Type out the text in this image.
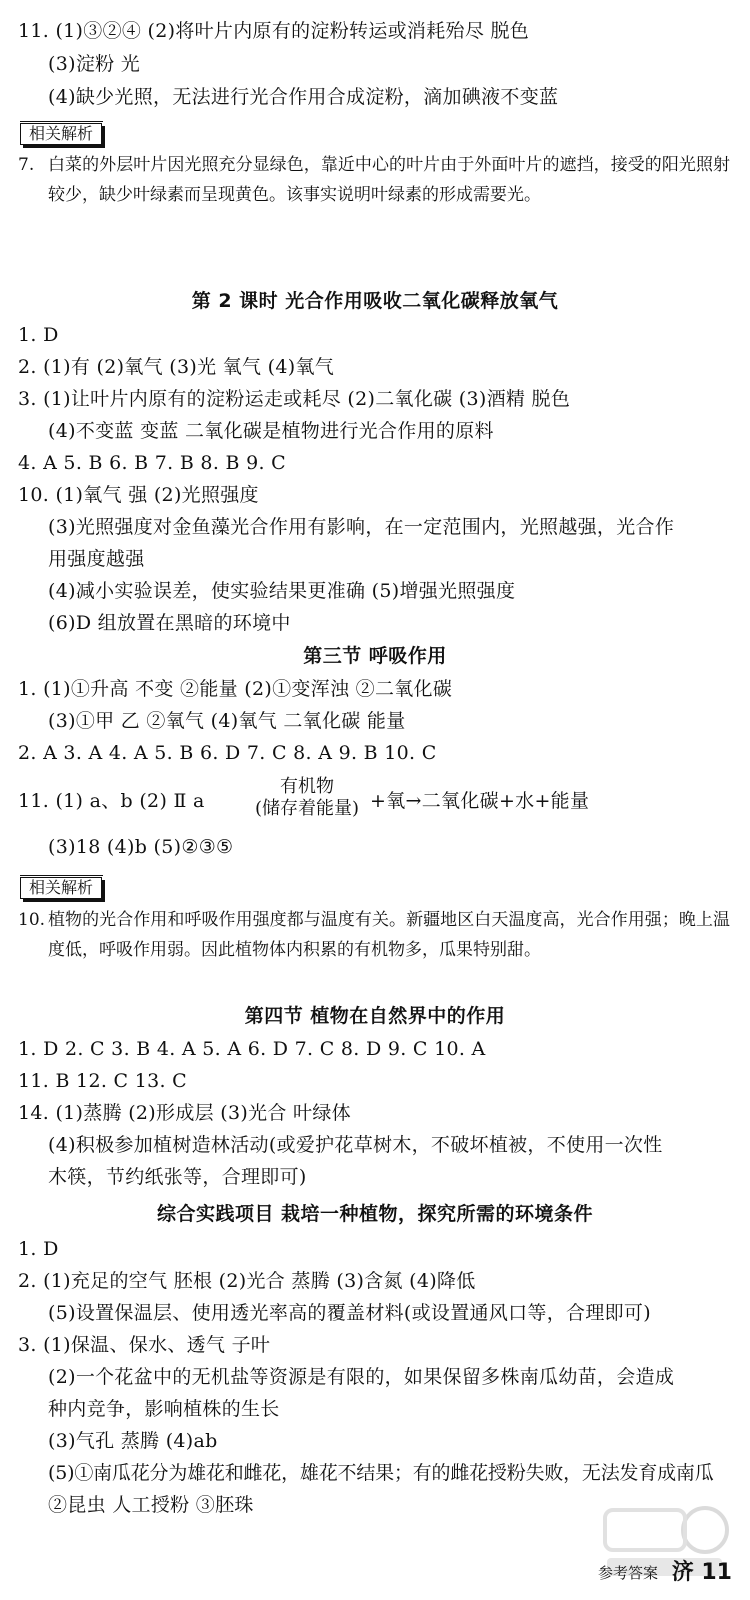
11. (1)③②④ (2)将叶片内原有的淀粉转运或消耗殆尽 脱色
(3)淀粉 光
(4)缺少光照，无法进行光合作用合成淀粉，滴加碘液不变蓝
相关解析
7. 白菜的外层叶片因光照充分显绿色，靠近中心的叶片由于外面叶片的遮挡，接受的阳光照射较少，缺少叶绿素而呈现黄色。该事实说明叶绿素的形成需要光。
第 2 课时 光合作用吸收二氧化碳释放氧气
1. D
2. (1)有 (2)氧气 (3)光 氧气 (4)氧气
3. (1)让叶片内原有的淀粉运走或耗尽 (2)二氧化碳 (3)酒精 脱色
(4)不变蓝 变蓝 二氧化碳是植物进行光合作用的原料
4. A 5. B 6. B 7. B 8. B 9. C
10. (1)氧气 强 (2)光照强度
(3)光照强度对金鱼藻光合作用有影响，在一定范围内，光照越强，光合作
用强度越强
(4)减小实验误差，使实验结果更准确 (5)增强光照强度
(6)D 组放置在黑暗的环境中
第三节 呼吸作用
1. (1)①升高 不变 ②能量 (2)①变浑浊 ②二氧化碳
(3)①甲 乙 ②氧气 (4)氧气 二氧化碳 能量
2. A 3. A 4. A 5. B 6. D 7. C 8. A 9. B 10. C
11. (1) a、b (2) Ⅱ a
有机物
(储存着能量) +氧→二氧化碳+水+能量
(3)18 (4)b (5)②③⑤
相关解析
10. 植物的光合作用和呼吸作用强度都与温度有关。新疆地区白天温度高，光合作用强；晚上温度低，呼吸作用弱。因此植物体内积累的有机物多，瓜果特别甜。
第四节 植物在自然界中的作用
1. D 2. C 3. B 4. A 5. A 6. D 7. C 8. D 9. C 10. A
11. B 12. C 13. C
14. (1)蒸腾 (2)形成层 (3)光合 叶绿体
(4)积极参加植树造林活动(或爱护花草树木，不破坏植被，不使用一次性
木筷，节约纸张等，合理即可)
综合实践项目 栽培一种植物，探究所需的环境条件
1. D
2. (1)充足的空气 胚根 (2)光合 蒸腾 (3)含氮 (4)降低
(5)设置保温层、使用透光率高的覆盖材料(或设置通风口等，合理即可)
3. (1)保温、保水、透气 子叶
(2)一个花盆中的无机盐等资源是有限的，如果保留多株南瓜幼苗，会造成
种内竞争，影响植株的生长
(3)气孔 蒸腾 (4)ab
(5)①南瓜花分为雄花和雌花，雄花不结果；有的雌花授粉失败，无法发育成南瓜
②昆虫 人工授粉 ③胚珠
参考答案 济 11
